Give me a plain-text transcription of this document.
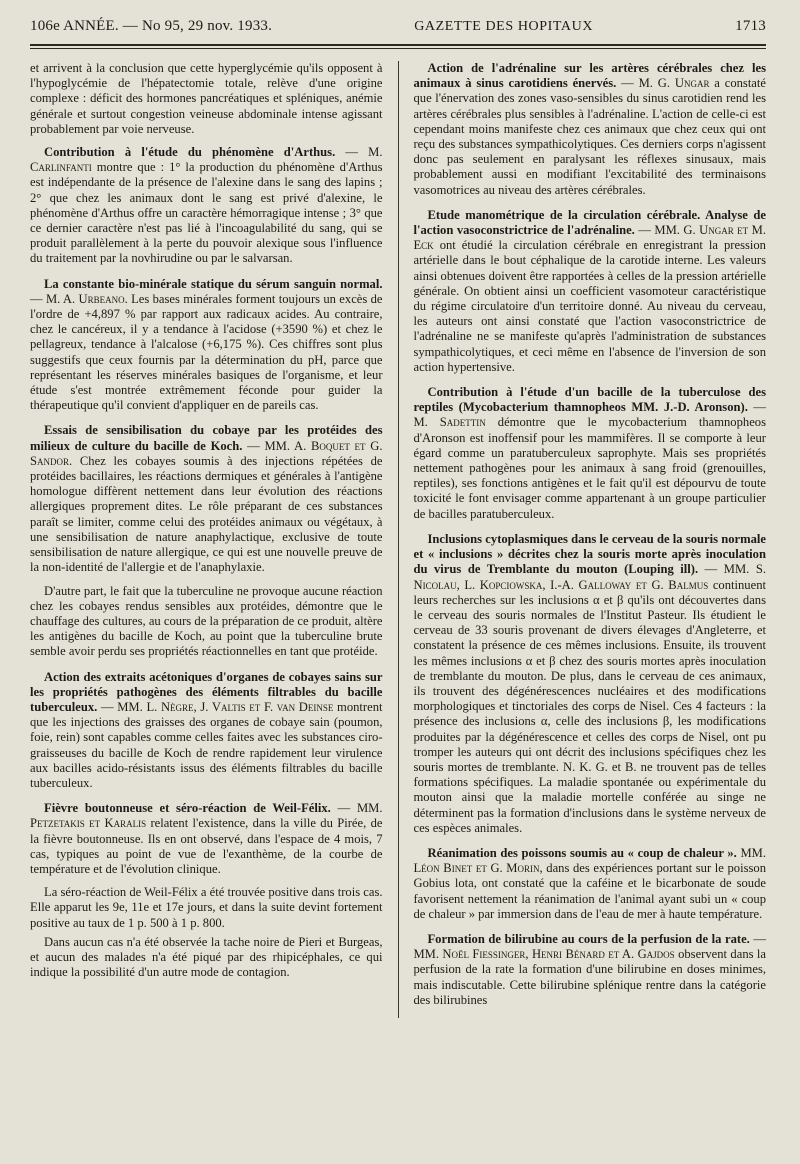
106e ANNÉE. — No 95, 29 nov. 1933.	GAZETTE DES HOPITAUX	1713

et arrivent à la conclusion que cette hyperglycémie qu'ils opposent à l'hypoglycémie de l'hépatectomie totale, relève d'une origine complexe : déficit des hormones pancréatiques et spléniques, anémie générale et surtout congestion veineuse abdominale intense agissant probablement par voie nerveuse.

Contribution à l'étude du phénomène d'Arthus. — M. Carlinfanti montre que : 1° la production du phénomène d'Arthus est indépendante de la présence de l'alexine dans le sang des lapins ; 2° que chez les animaux dont le sang est privé d'alexine, le phénomène d'Arthus offre un caractère hémorragique intense ; 3° que ce dernier caractère n'est pas lié à l'incoagulabilité du sang, qui se produit parallèlement à la perte du pouvoir alexique sous l'influence du traitement par la novhirudine ou par le salvarsan.

La constante bio-minérale statique du sérum sanguin normal. — M. A. Urbeano. Les bases minérales forment toujours un excès de l'ordre de +4,897 % par rapport aux radicaux acides. Au contraire, chez le cancéreux, il y a tendance à l'acidose (+3590 %) et chez le pellagreux, tendance à l'alcalose (+6,175 %). Ces chiffres sont plus suggestifs que ceux fournis par la détermination du pH, parce que représentant les réserves minérales basiques de l'organisme, et leur étude s'est montrée extrêmement féconde pour guider la thérapeutique qu'il convient d'appliquer en de pareils cas.

Essais de sensibilisation du cobaye par les protéides des milieux de culture du bacille de Koch. — MM. A. Boquet et G. Sandor. Chez les cobayes soumis à des injections répétées de protéides bacillaires, les réactions dermiques et générales à l'antigène homologue diffèrent nettement dans leur évolution des réactions allergiques proprement dites. Le rôle préparant de ces substances paraît se limiter, comme celui des protéides animaux ou végétaux, à une sensibilisation de nature anaphylactique, exclusive de toute sensibilisation de nature allergique, ce qui est une nouvelle preuve de la non-identité de l'allergie et de l'anaphylaxie.

D'autre part, le fait que la tuberculine ne provoque aucune réaction chez les cobayes rendus sensibles aux protéides, démontre que le chauffage des cultures, au cours de la préparation de ce produit, altère les antigènes du bacille de Koch, au point que la tuberculine brute semble avoir perdu ses propriétés réactionnelles en tant que protéide.

Action des extraits acétoniques d'organes de cobayes sains sur les propriétés pathogènes des éléments filtrables du bacille tuberculeux. — MM. L. Nègre, J. Valtis et F. van Deinse montrent que les injections des graisses des organes de cobaye sain (poumon, foie, rein) sont capables comme celles faites avec les substances ciro-graisseuses du bacille de Koch de rendre rapidement leur virulence aux bacilles acido-résistants issus des éléments filtrables du bacille tuberculeux.

Fièvre boutonneuse et séro-réaction de Weil-Félix. — MM. Petzetakis et Karalis relatent l'existence, dans la ville du Pirée, de la fièvre boutonneuse. Ils en ont observé, dans l'espace de 4 mois, 7 cas, typiques au point de vue de l'exanthème, de la courbe de température et de l'évolution clinique.

La séro-réaction de Weil-Félix a été trouvée positive dans trois cas. Elle apparut les 9e, 11e et 17e jours, et dans la suite devint fortement positive au taux de 1 p. 500 à 1 p. 800.

Dans aucun cas n'a été observée la tache noire de Pieri et Burgeas, et aucun des malades n'a été piqué par des rhipicéphales, ce qui indique la possibilité d'un autre mode de contagion.

Action de l'adrénaline sur les artères cérébrales chez les animaux à sinus carotidiens énervés. — M. G. Ungar a constaté que l'énervation des zones vaso-sensibles du sinus carotidien rend les artères cérébrales plus sensibles à l'adrénaline. L'action de celle-ci est cependant moins manifeste chez ces animaux que chez ceux qui ont reçu des substances sympathicolytiques. Ces derniers corps n'agissent donc pas seulement en paralysant les réflexes sinusaux, mais probablement aussi en modifiant l'excitabilité des terminaisons vasomotrices au niveau des artères cérébrales.

Etude manométrique de la circulation cérébrale. Analyse de l'action vasoconstrictrice de l'adrénaline. — MM. G. Ungar et M. Eck ont étudié la circulation cérébrale en enregistrant la pression artérielle dans le bout céphalique de la carotide interne. Les valeurs ainsi obtenues doivent être rapportées à celles de la pression artérielle générale. On obtient ainsi un coefficient vasomoteur caractéristique du régime circulatoire d'un territoire donné. Au niveau du cerveau, les auteurs ont ainsi constaté que l'action vasoconstrictrice de l'adrénaline ne se manifeste qu'après l'administration de substances sympathicolytiques, et ceci même en l'absence de l'inversion de son action hypertensive.

Contribution à l'étude d'un bacille de la tuberculose des reptiles (Mycobacterium thamnopheos MM. J.-D. Aronson). — M. Sadettin démontre que le mycobacterium thamnopheos d'Aronson est inoffensif pour les mammifères. Il se comporte à leur égard comme un paratuberculeux saprophyte. Mais ses propriétés nettement pathogènes pour les animaux à sang froid (grenouilles, reptiles), ses fonctions antigènes et le fait qu'il est dépourvu de toute toxicité le font envisager comme appartenant à un groupe particulier de bacilles paratuberculeux.

Inclusions cytoplasmiques dans le cerveau de la souris normale et « inclusions » décrites chez la souris morte après inoculation du virus de Tremblante du mouton (Louping ill). — MM. S. Nicolau, L. Kopciowska, I.-A. Galloway et G. Balmus continuent leurs recherches sur les inclusions α et β qu'ils ont découvertes dans le cerveau des souris normales de l'Institut Pasteur. Ils étudient le cerveau de 33 souris provenant de divers élevages d'Angleterre, et constatent la présence de ces mêmes inclusions. Ensuite, ils trouvent les mêmes inclusions α et β chez des souris mortes après inoculation de tremblante du mouton. De plus, dans le cerveau de ces animaux, ils trouvent des dégénérescences nucléaires et des modifications morphologiques et tinctoriales des corps de Nisel. Ces 4 facteurs : la présence des inclusions α, celle des inclusions β, les modifications produites par la dégénérescence et celles des corps de Nisel, ont pu tromper les auteurs qui ont décrit des inclusions spécifiques chez les souris mortes de tremblante. N. K. G. et B. ne trouvent pas de telles formations spécifiques. La maladie spontanée ou expérimentale du mouton ainsi que la maladie mortelle conférée au singe ne déterminent pas la formation d'inclusions dans le système nerveux de ces espèces animales.

Réanimation des poissons soumis au « coup de chaleur ». MM. Léon Binet et G. Morin, dans des expériences portant sur le poisson Gobius lota, ont constaté que la caféine et le bicarbonate de soude favorisent nettement la réanimation de l'animal ayant subi un « coup de chaleur » par immersion dans de l'eau de mer à haute température.

Formation de bilirubine au cours de la perfusion de la rate. — MM. Noël Fiessinger, Henri Bénard et A. Gajdos observent dans la perfusion de la rate la formation d'une bilirubine en doses minimes, mais indiscutable. Cette bilirubine splénique rentre dans la catégorie des bilirubines
